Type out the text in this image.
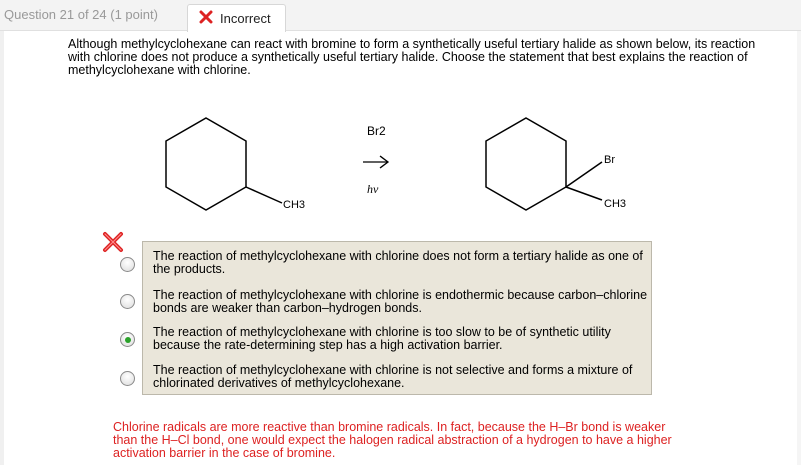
Question 21 of 24 (1 point)	Incorrect
Although methylcyclohexane can react with bromine to form a synthetically useful tertiary halide as shown below, its reaction with chlorine does not produce a synthetically useful tertiary halide. Choose the statement that best explains the reaction of methylcyclohexane with chlorine.
CH3
Br2
hν
Br
CH3
The reaction of methylcyclohexane with chlorine does not form a tertiary halide as one of the products.
The reaction of methylcyclohexane with chlorine is endothermic because carbon–chlorine bonds are weaker than carbon–hydrogen bonds.
The reaction of methylcyclohexane with chlorine is too slow to be of synthetic utility because the rate-determining step has a high activation barrier.
The reaction of methylcyclohexane with chlorine is not selective and forms a mixture of chlorinated derivatives of methylcyclohexane.
Chlorine radicals are more reactive than bromine radicals. In fact, because the H–Br bond is weaker than the H–Cl bond, one would expect the halogen radical abstraction of a hydrogen to have a higher activation barrier in the case of bromine.
